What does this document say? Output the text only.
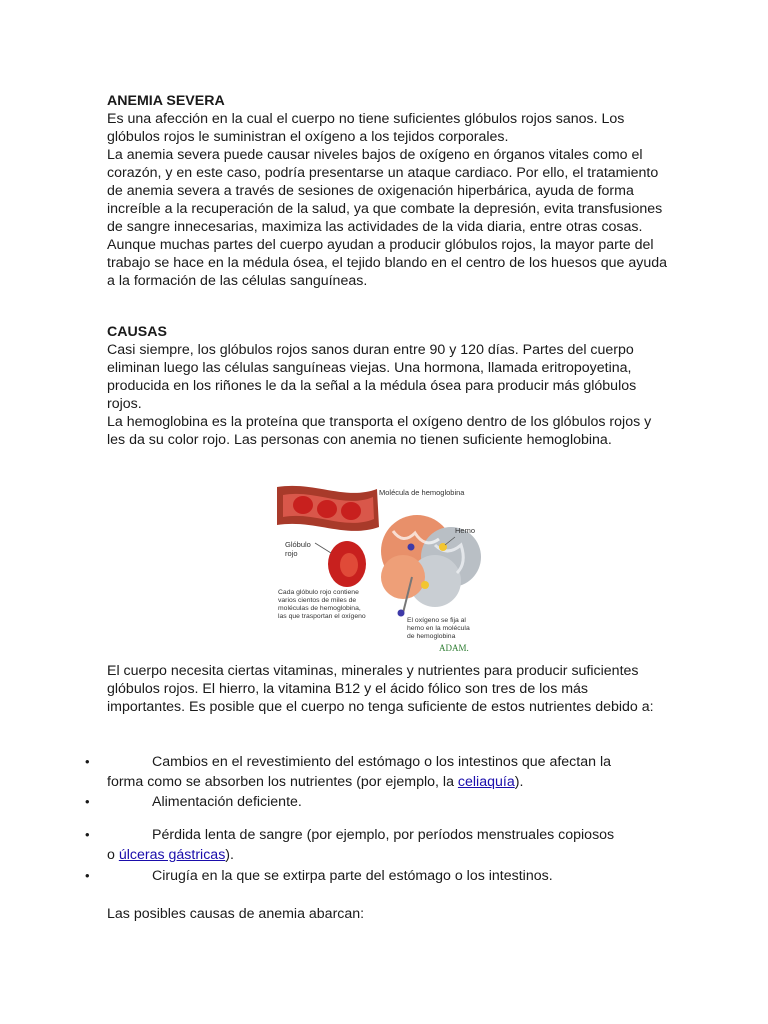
ANEMIA SEVERA

Es una afección en la cual el cuerpo no tiene suficientes glóbulos rojos sanos. Los glóbulos rojos le suministran el oxígeno a los tejidos corporales.

La anemia severa puede causar niveles bajos de oxígeno en órganos vitales como el corazón, y en este caso, podría presentarse un ataque cardiaco. Por ello, el tratamiento de anemia severa a través de sesiones de oxigenación hiperbárica, ayuda de forma increíble a la recuperación de la salud, ya que combate la depresión, evita transfusiones de sangre innecesarias, maximiza las actividades de la vida diaria, entre otras cosas.

Aunque muchas partes del cuerpo ayudan a producir glóbulos rojos, la mayor parte del trabajo se hace en la médula ósea, el tejido blando en el centro de los huesos que ayuda a la formación de las células sanguíneas.

CAUSAS

Casi siempre, los glóbulos rojos sanos duran entre 90 y 120 días. Partes del cuerpo eliminan luego las células sanguíneas viejas. Una hormona, llamada eritropoyetina, producida en los riñones le da la señal a la médula ósea para producir más glóbulos rojos.

La hemoglobina es la proteína que transporta el oxígeno dentro de los glóbulos rojos y les da su color rojo. Las personas con anemia no tienen suficiente hemoglobina.

Molécula de hemoglobina
Glóbulo
rojo
Hemo
Cada glóbulo rojo contiene
varios cientos de miles de
moléculas de hemoglobina,
las que trasportan el oxígeno
El oxígeno se fija al
hemo en la molécula
de hemoglobina
ADAM.

El cuerpo necesita ciertas vitaminas, minerales y nutrientes para producir suficientes glóbulos rojos. El hierro, la vitamina B12 y el ácido fólico son tres de los más importantes. Es posible que el cuerpo no tenga suficiente de estos nutrientes debido a:

•	Cambios en el revestimiento del estómago o los intestinos que afectan la
forma como se absorben los nutrientes (por ejemplo, la celiaquía).
•	Alimentación deficiente.
•	Pérdida lenta de sangre (por ejemplo, por períodos menstruales copiosos
o úlceras gástricas).
•	Cirugía en la que se extirpa parte del estómago o los intestinos.

Las posibles causas de anemia abarcan:
